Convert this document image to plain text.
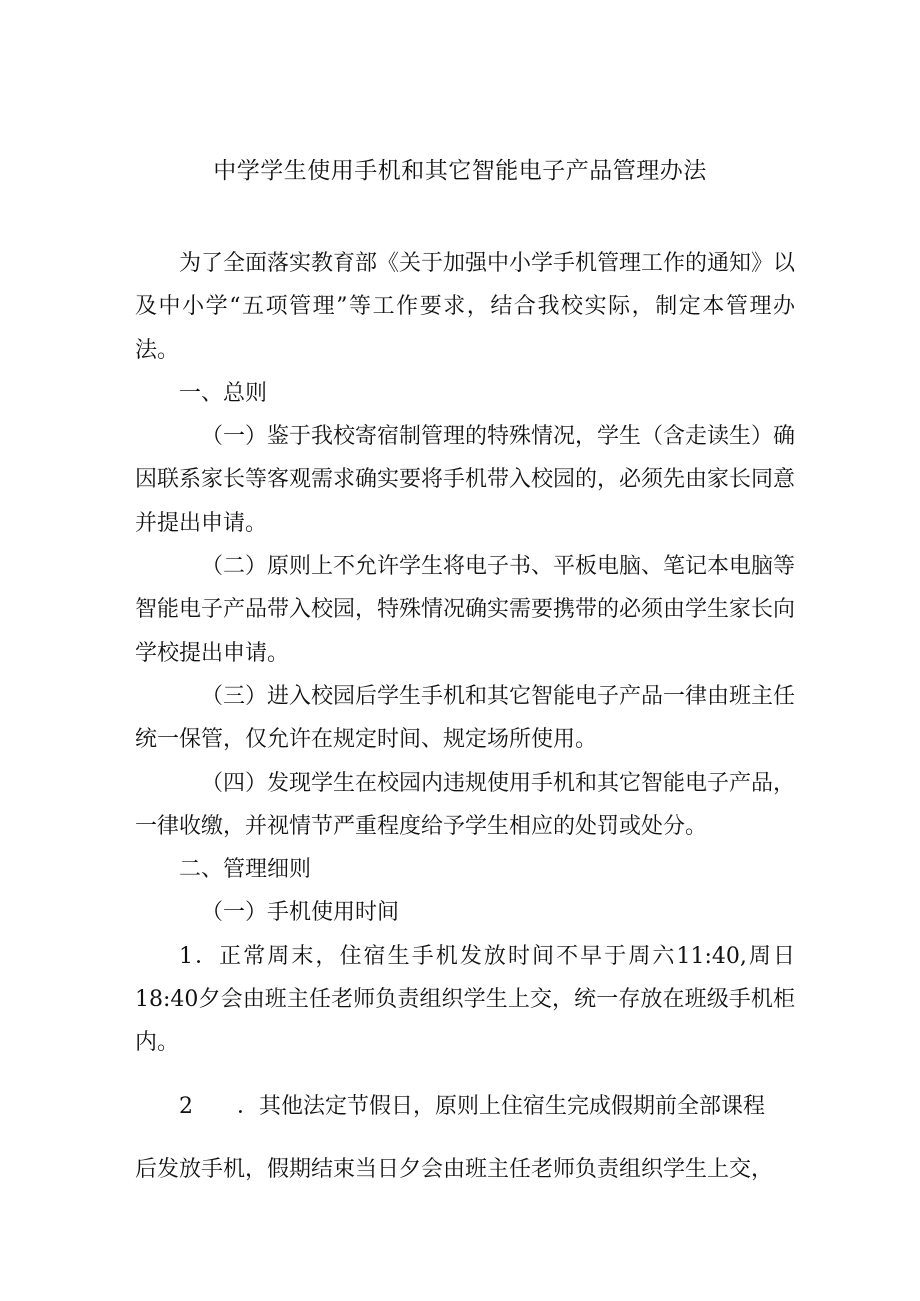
中学学生使用手机和其它智能电子产品管理办法

为了全面落实教育部《关于加强中小学手机管理工作的通知》以及中小学“五项管理”等工作要求，结合我校实际，制定本管理办法。

一、总则

（一）鉴于我校寄宿制管理的特殊情况，学生（含走读生）确因联系家长等客观需求确实要将手机带入校园的，必须先由家长同意并提出申请。

（二）原则上不允许学生将电子书、平板电脑、笔记本电脑等智能电子产品带入校园，特殊情况确实需要携带的必须由学生家长向学校提出申请。

（三）进入校园后学生手机和其它智能电子产品一律由班主任统一保管，仅允许在规定时间、规定场所使用。

（四）发现学生在校园内违规使用手机和其它智能电子产品，一律收缴，并视情节严重程度给予学生相应的处罚或处分。

二、管理细则

（一）手机使用时间

1．正常周末，住宿生手机发放时间不早于周六11:40,周日18:40夕会由班主任老师负责组织学生上交，统一存放在班级手机柜内。

2　　．其他法定节假日，原则上住宿生完成假期前全部课程

后发放手机，假期结束当日夕会由班主任老师负责组织学生上交，
